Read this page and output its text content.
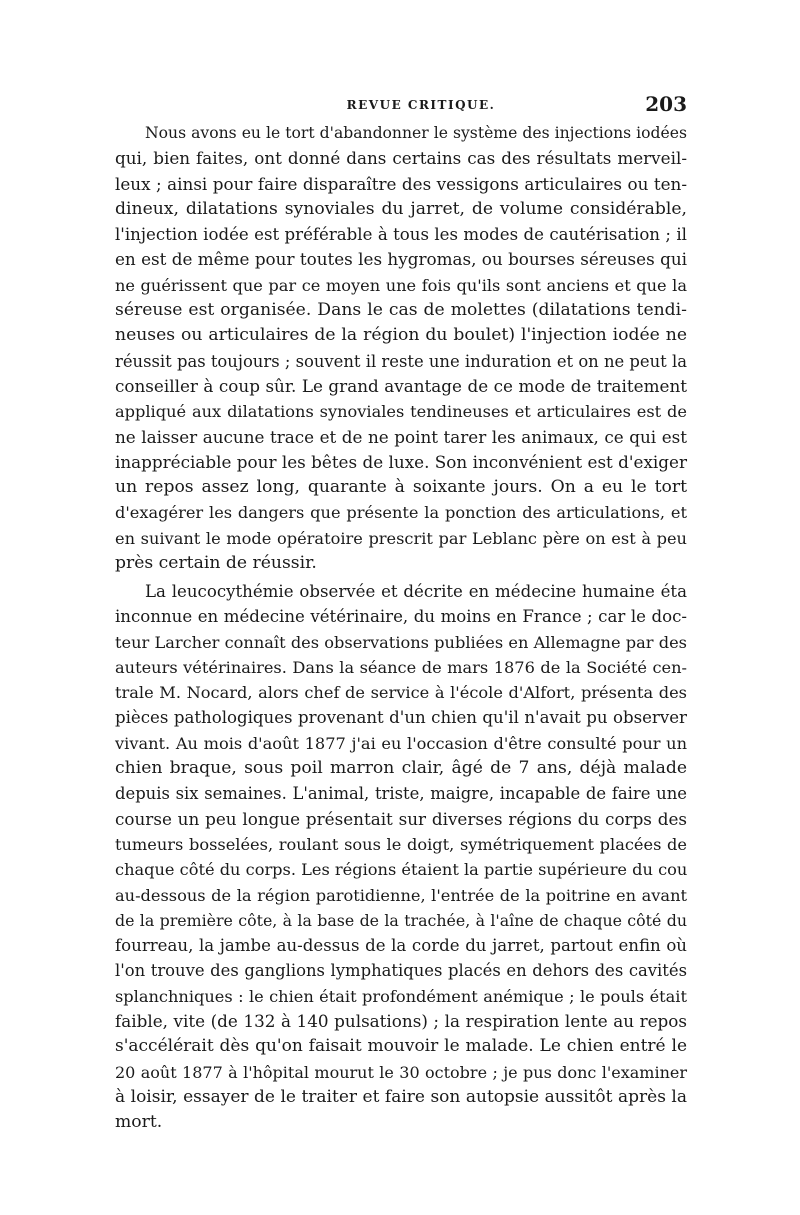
REVUE CRITIQUE.	203

Nous avons eu le tort d'abandonner le système des injections iodées
qui, bien faites, ont donné dans certains cas des résultats merveil-
leux ; ainsi pour faire disparaître des vessigons articulaires ou ten-
dineux, dilatations synoviales du jarret, de volume considérable,
l'injection iodée est préférable à tous les modes de cautérisation ; il
en est de même pour toutes les hygromas, ou bourses séreuses qui
ne guérissent que par ce moyen une fois qu'ils sont anciens et que la
séreuse est organisée. Dans le cas de molettes (dilatations tendi-
neuses ou articulaires de la région du boulet) l'injection iodée ne
réussit pas toujours ; souvent il reste une induration et on ne peut la
conseiller à coup sûr. Le grand avantage de ce mode de traitement
appliqué aux dilatations synoviales tendineuses et articulaires est de
ne laisser aucune trace et de ne point tarer les animaux, ce qui est
inappréciable pour les bêtes de luxe. Son inconvénient est d'exiger
un repos assez long, quarante à soixante jours. On a eu le tort
d'exagérer les dangers que présente la ponction des articulations, et
en suivant le mode opératoire prescrit par Leblanc père on est à peu
près certain de réussir.

La leucocythémie observée et décrite en médecine humaine éta
inconnue en médecine vétérinaire, du moins en France ; car le doc-
teur Larcher connaît des observations publiées en Allemagne par des
auteurs vétérinaires. Dans la séance de mars 1876 de la Société cen-
trale M. Nocard, alors chef de service à l'école d'Alfort, présenta des
pièces pathologiques provenant d'un chien qu'il n'avait pu observer
vivant. Au mois d'août 1877 j'ai eu l'occasion d'être consulté pour un
chien braque, sous poil marron clair, âgé de 7 ans, déjà malade
depuis six semaines. L'animal, triste, maigre, incapable de faire une
course un peu longue présentait sur diverses régions du corps des
tumeurs bosselées, roulant sous le doigt, symétriquement placées de
chaque côté du corps. Les régions étaient la partie supérieure du cou
au-dessous de la région parotidienne, l'entrée de la poitrine en avant
de la première côte, à la base de la trachée, à l'aîne de chaque côté du
fourreau, la jambe au-dessus de la corde du jarret, partout enfin où
l'on trouve des ganglions lymphatiques placés en dehors des cavités
splanchniques : le chien était profondément anémique ; le pouls était
faible, vite (de 132 à 140 pulsations) ; la respiration lente au repos
s'accélérait dès qu'on faisait mouvoir le malade. Le chien entré le
20 août 1877 à l'hôpital mourut le 30 octobre ; je pus donc l'examiner
à loisir, essayer de le traiter et faire son autopsie aussitôt après la
mort.
